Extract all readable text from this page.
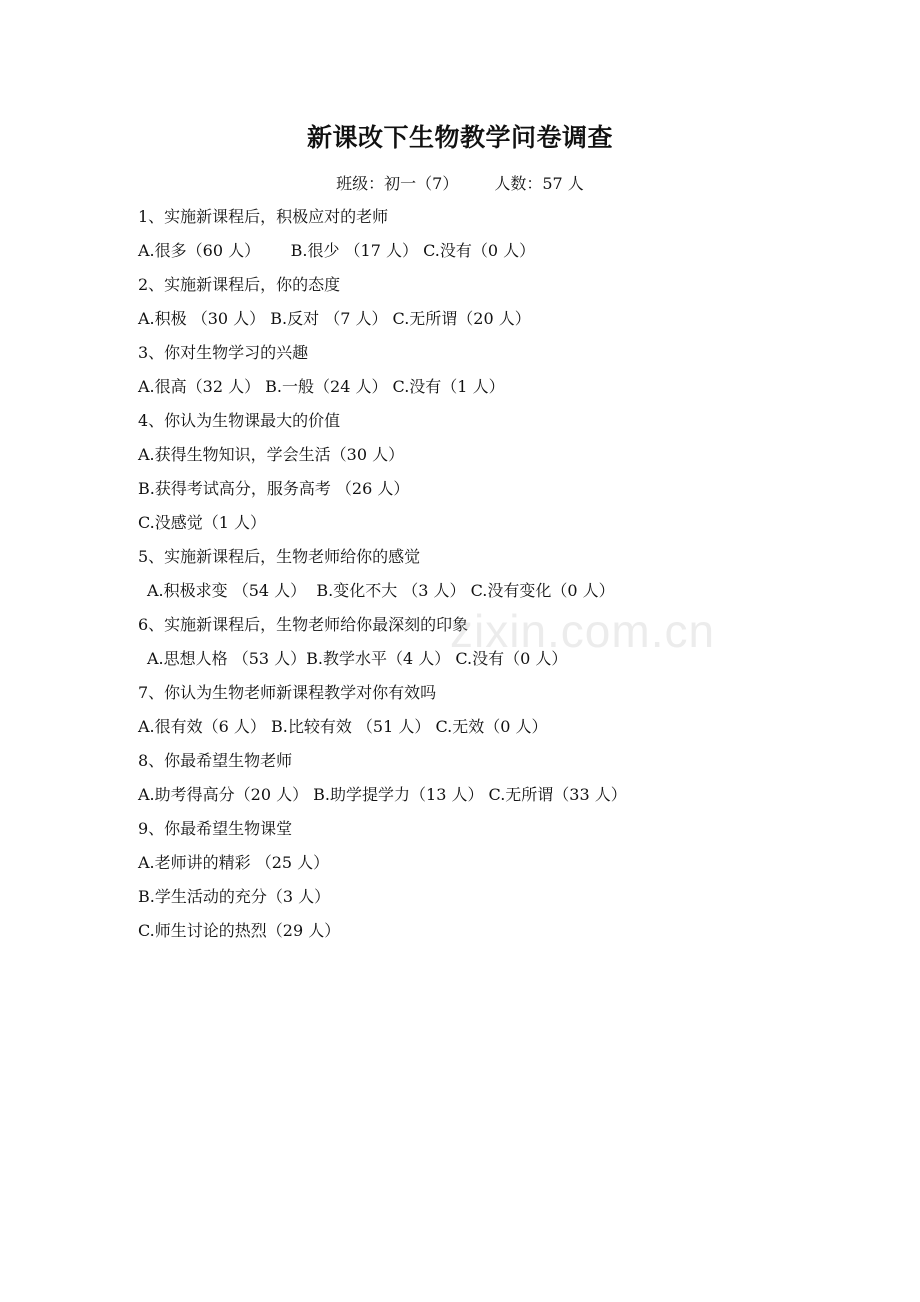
新课改下生物教学问卷调查
班级：初一（7） 人数：57 人
1、实施新课程后，积极应对的老师
A.很多（60 人）      B.很少 （17 人） C.没有（0 人）
2、实施新课程后，你的态度
A.积极 （30 人） B.反对 （7 人） C.无所谓（20 人）
3、你对生物学习的兴趣
A.很高（32 人） B.一般（24 人） C.没有（1 人）
4、你认为生物课最大的价值
A.获得生物知识，学会生活（30 人）
B.获得考试高分，服务高考 （26 人）
C.没感觉（1 人）
5、实施新课程后，生物老师给你的感觉
A.积极求变 （54 人）  B.变化不大 （3 人） C.没有变化（0 人）
6、实施新课程后，生物老师给你最深刻的印象
A.思想人格 （53 人）B.教学水平（4 人） C.没有（0 人）
7、你认为生物老师新课程教学对你有效吗
A.很有效（6 人） B.比较有效 （51 人） C.无效（0 人）
8、你最希望生物老师
A.助考得高分（20 人） B.助学提学力（13 人） C.无所谓（33 人）
9、你最希望生物课堂
A.老师讲的精彩 （25 人）
B.学生活动的充分（3 人）
C.师生讨论的热烈（29 人）
zixin.com.cn
